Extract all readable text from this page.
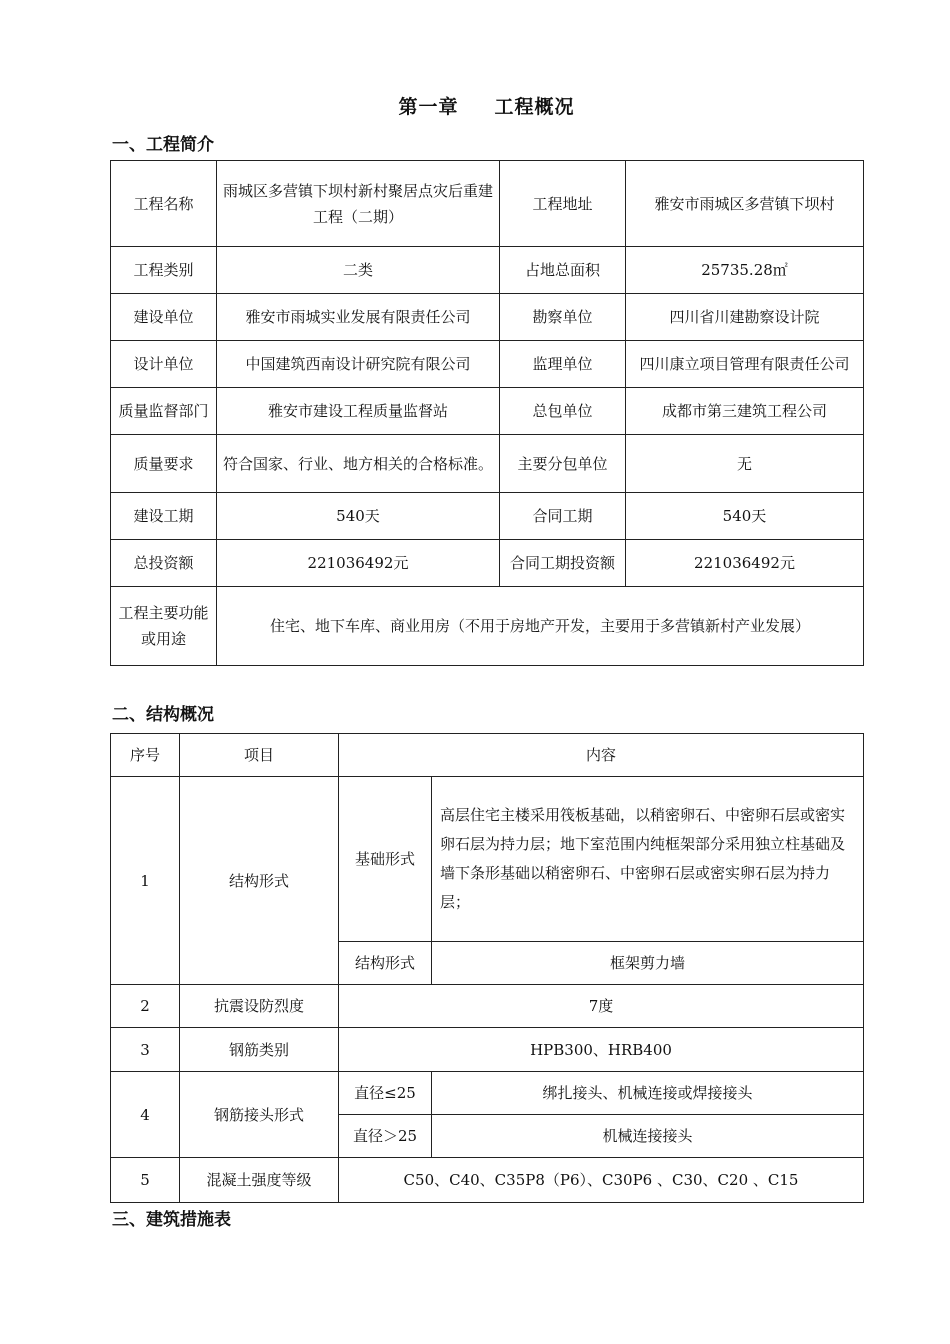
第一章 工程概况
一、工程简介
工程名称	雨城区多营镇下坝村新村聚居点灾后重建工程（二期）	工程地址	雅安市雨城区多营镇下坝村
工程类别	二类	占地总面积	25735.28㎡
建设单位	雅安市雨城实业发展有限责任公司	勘察单位	四川省川建勘察设计院
设计单位	中国建筑西南设计研究院有限公司	监理单位	四川康立项目管理有限责任公司
质量监督部门	雅安市建设工程质量监督站	总包单位	成都市第三建筑工程公司
质量要求	符合国家、行业、地方相关的合格标准。	主要分包单位	无
建设工期	540天	合同工期	540天
总投资额	221036492元	合同工期投资额	221036492元
工程主要功能或用途	住宅、地下车库、商业用房（不用于房地产开发，主要用于多营镇新村产业发展）		
二、结构概况
序号	项目	内容	
1	结构形式	基础形式	高层住宅主楼采用筏板基础，以稍密卵石、中密卵石层或密实卵石层为持力层；地下室范围内纯框架部分采用独立柱基础及墙下条形基础以稍密卵石、中密卵石层或密实卵石层为持力层；
		结构形式	框架剪力墙
2	抗震设防烈度	7度	
3	钢筋类别	HPB300、HRB400	
4	钢筋接头形式	直径≤25	绑扎接头、机械连接或焊接接头
		直径＞25	机械连接接头
5	混凝土强度等级	C50、C40、C35P8（P6）、C30P6 、C30、C20 、C15	
三、建筑措施表
